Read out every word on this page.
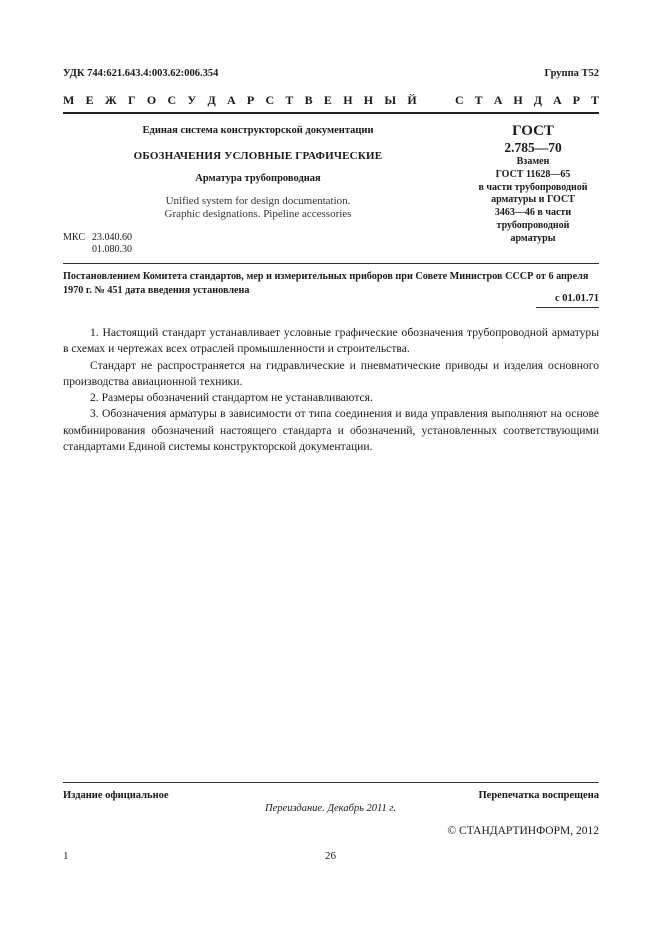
УДК 744:621.643.4:003.62:006.354	Группа Т52
М Е Ж Г О С У Д А Р С Т В Е Н Н Ы Й	С Т А Н Д А Р Т
Единая система конструкторской документации
ОБОЗНАЧЕНИЯ УСЛОВНЫЕ ГРАФИЧЕСКИЕ
Арматура трубопроводная
Unified system for design documentation.
Graphic designations. Pipeline accessories
МКС 23.040.60
01.080.30
ГОСТ
2.785—70
Взамен
ГОСТ 11628—65
в части трубопроводной
арматуры и ГОСТ
3463—46 в части
трубопроводной
арматуры
Постановлением Комитета стандартов, мер и измерительных приборов при Совете Министров СССР от 6 апреля 1970 г. № 451 дата введения установлена
с 01.01.71

1. Настоящий стандарт устанавливает условные графические обозначения трубопроводной арматуры в схемах и чертежах всех отраслей промышленности и строительства.

Стандарт не распространяется на гидравлические и пневматические приводы и изделия основного производства авиационной техники.

2. Размеры обозначений стандартом не устанавливаются.

3. Обозначения арматуры в зависимости от типа соединения и вида управления выполняют на основе комбинирования обозначений настоящего стандарта и обозначений, установленных соответствующими стандартами Единой системы конструкторской документации.

Издание официальное	Перепечатка воспрещена
Переиздание. Декабрь 2011 г.
© СТАНДАРТИНФОРМ, 2012
1	26
